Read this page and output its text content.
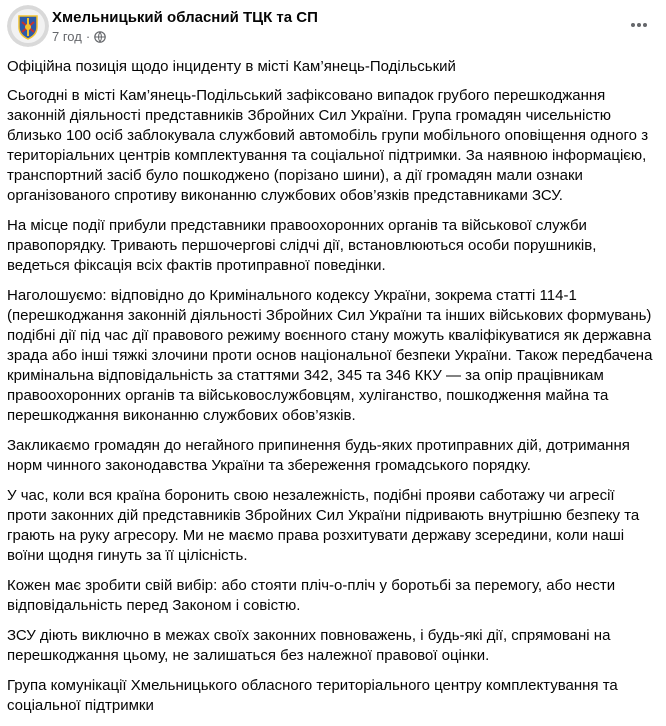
Хмельницький обласний ТЦК та СП
7 год ·

Офіційна позиція щодо інциденту в місті Кам’янець-Подільський

Сьогодні в місті Кам’янець-Подільський зафіксовано випадок грубого перешкоджання законній діяльності представників Збройних Сил України. Група громадян чисельністю близько 100 осіб заблокувала службовий автомобіль групи мобільного оповіщення одного з територіальних центрів комплектування та соціальної підтримки. За наявною інформацією, транспортний засіб було пошкоджено (порізано шини), а дії громадян мали ознаки організованого спротиву виконанню службових обов’язків представниками ЗСУ.

На місце події прибули представники правоохоронних органів та військової служби правопорядку. Тривають першочергові слідчі дії, встановлюються особи порушників, ведеться фіксація всіх фактів протиправної поведінки.

Наголошуємо: відповідно до Кримінального кодексу України, зокрема статті 114-1 (перешкоджання законній діяльності Збройних Сил України та інших військових формувань) подібні дії під час дії правового режиму воєнного стану можуть кваліфікуватися як державна зрада або інші тяжкі злочини проти основ національної безпеки України. Також передбачена кримінальна відповідальність за статтями 342, 345 та 346 ККУ — за опір працівникам правоохоронних органів та військовослужбовцям, хуліганство, пошкодження майна та перешкоджання виконанню службових обов’язків.

Закликаємо громадян до негайного припинення будь-яких протиправних дій, дотримання норм чинного законодавства України та збереження громадського порядку.

У час, коли вся країна боронить свою незалежність, подібні прояви саботажу чи агресії проти законних дій представників Збройних Сил України підривають внутрішню безпеку та грають на руку агресору. Ми не маємо права розхитувати державу зсередини, коли наші воїни щодня гинуть за її цілісність.

Кожен має зробити свій вибір: або стояти пліч-о-пліч у боротьбі за перемогу, або нести відповідальність перед Законом і совістю.

ЗСУ діють виключно в межах своїх законних повноважень, і будь-які дії, спрямовані на перешкоджання цьому, не залишаться без належної правової оцінки.

Група комунікації Хмельницького обласного територіального центру комплектування та соціальної підтримки
